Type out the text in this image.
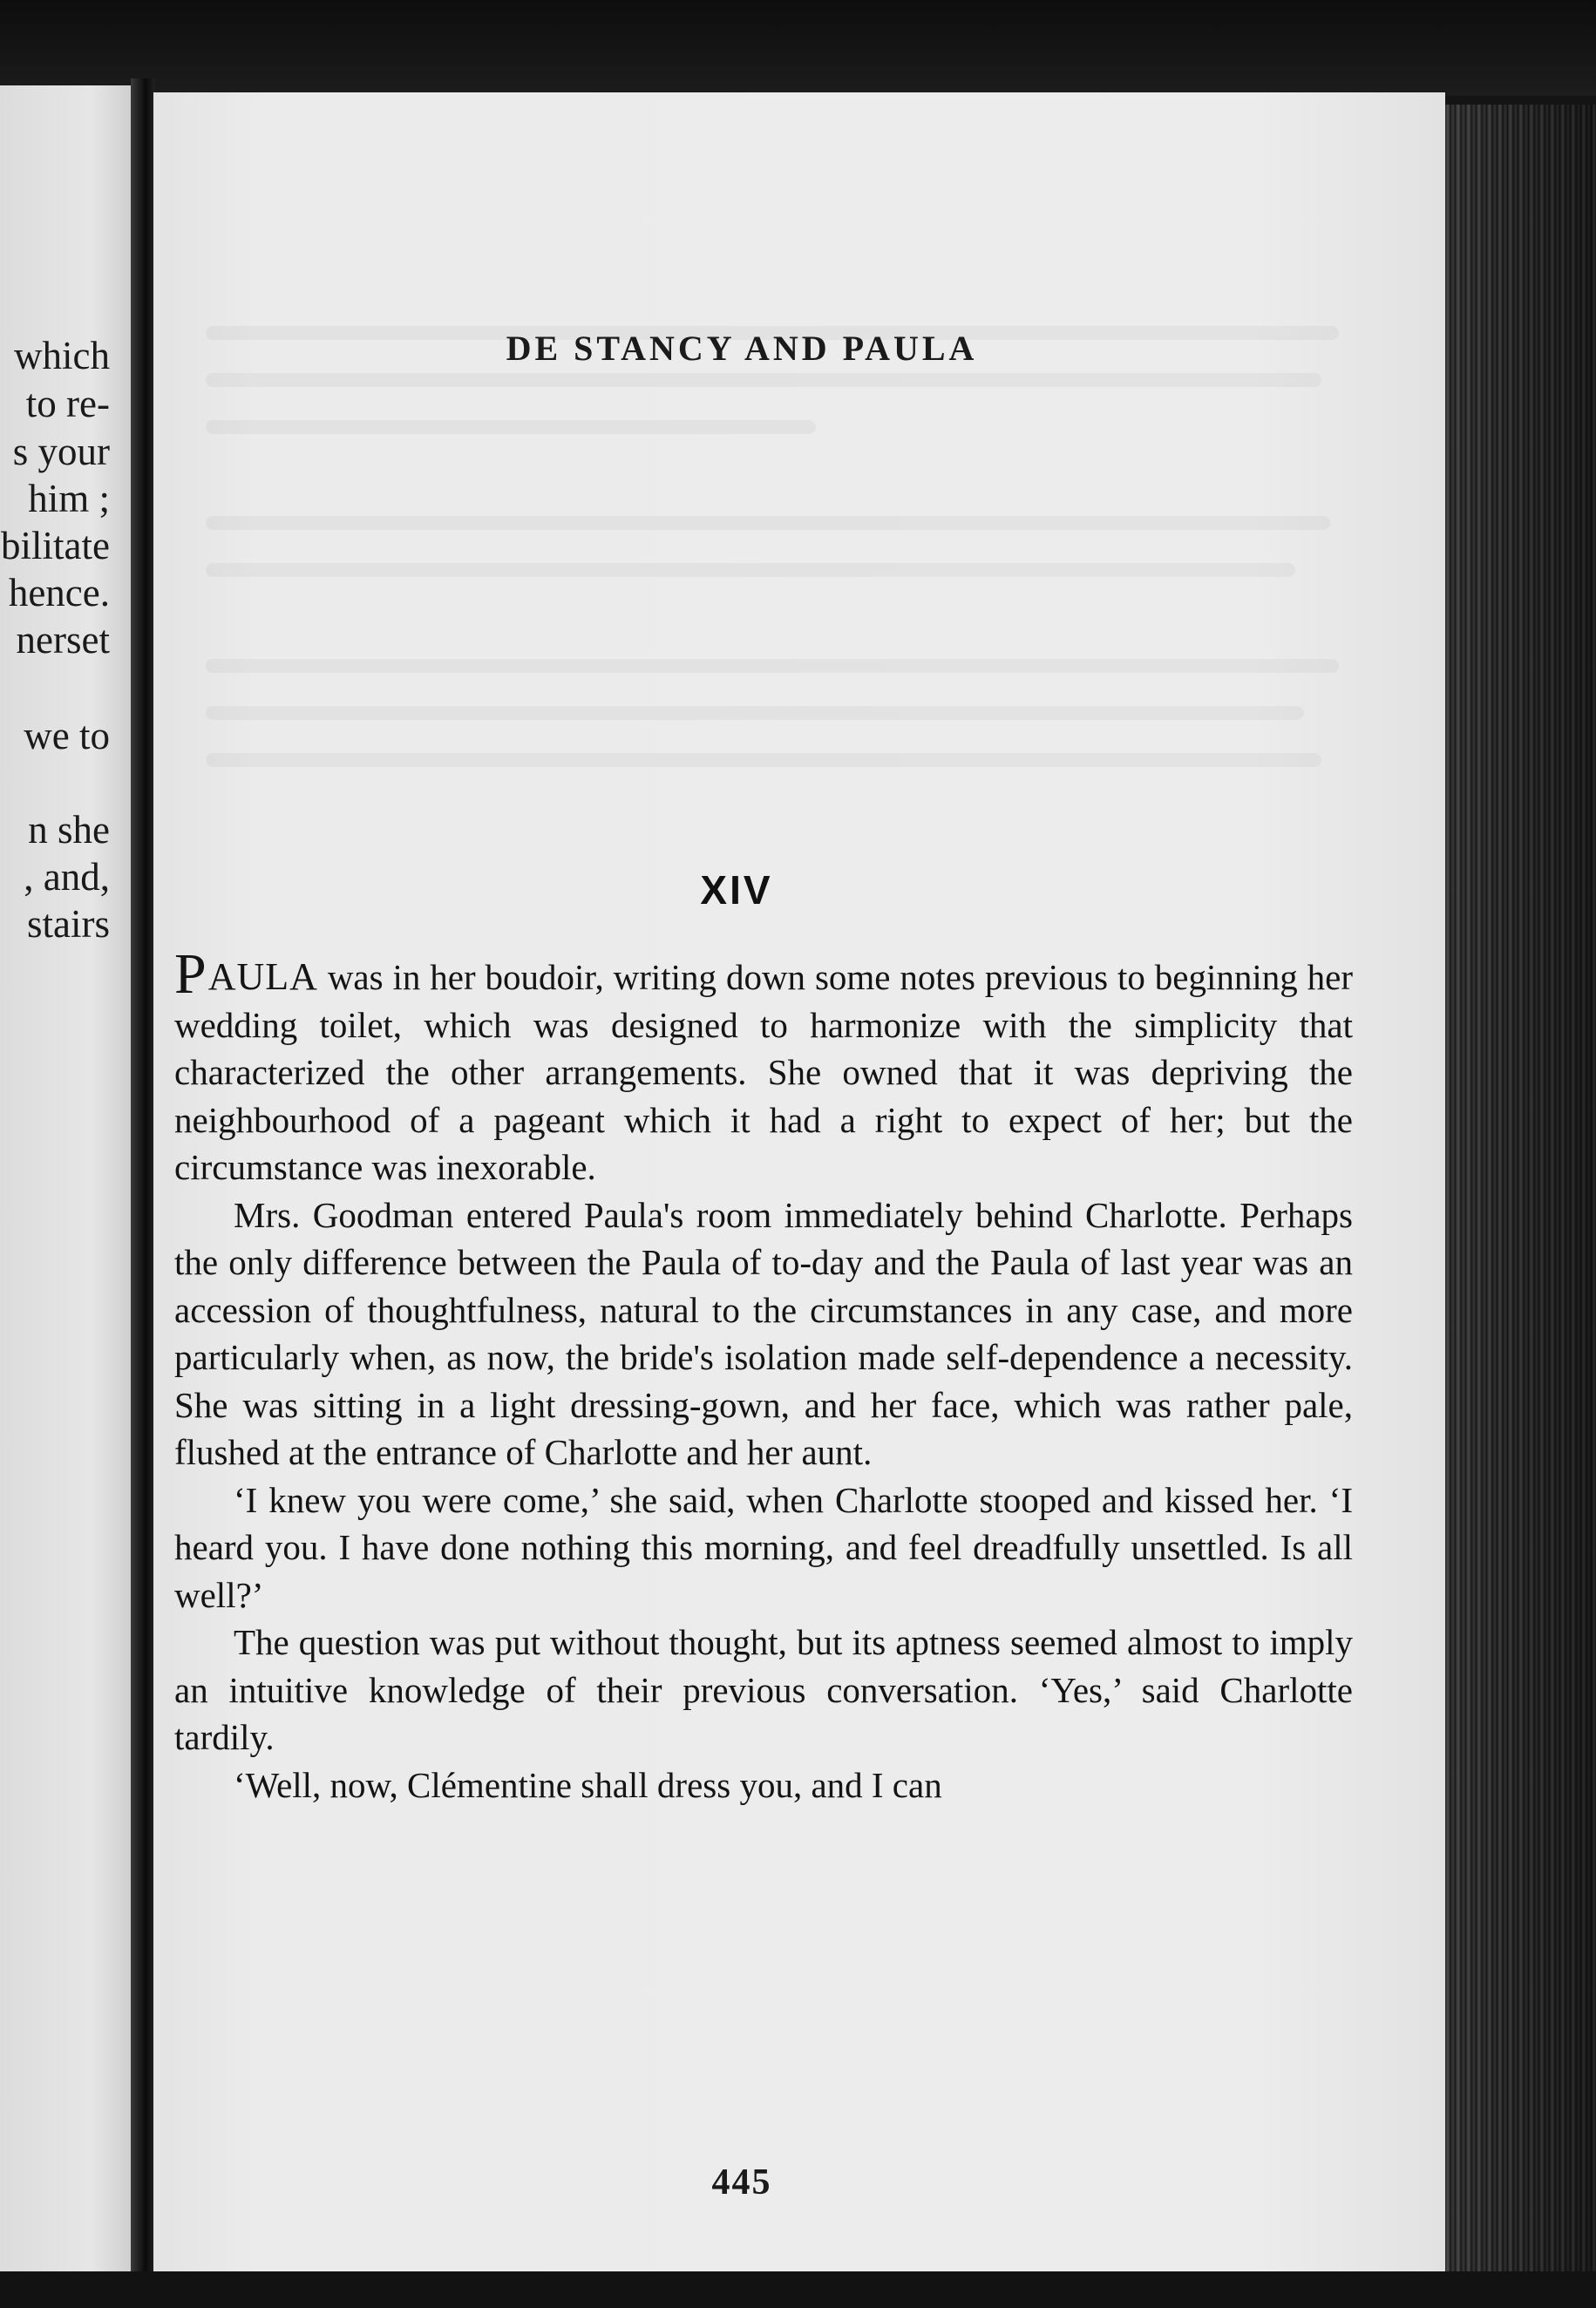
which
to re-
s your
him ;
bilitate
hence.
nerset
we to
n she
, and,
stairs
DE STANCY AND PAULA
XIV

PAULA was in her boudoir, writing down some notes previous to beginning her wedding toilet, which was designed to harmonize with the simplicity that characterized the other arrangements. She owned that it was depriving the neighbourhood of a pageant which it had a right to expect of her; but the circumstance was inexorable.

Mrs. Goodman entered Paula's room immediately behind Charlotte. Perhaps the only difference between the Paula of to-day and the Paula of last year was an accession of thoughtfulness, natural to the circumstances in any case, and more particularly when, as now, the bride's isolation made self-dependence a necessity. She was sitting in a light dressing-gown, and her face, which was rather pale, flushed at the entrance of Charlotte and her aunt.

‘I knew you were come,’ she said, when Charlotte stooped and kissed her. ‘I heard you. I have done nothing this morning, and feel dreadfully unsettled. Is all well?’

The question was put without thought, but its aptness seemed almost to imply an intuitive knowledge of their previous conversation. ‘Yes,’ said Charlotte tardily.

‘Well, now, Clémentine shall dress you, and I can

445
